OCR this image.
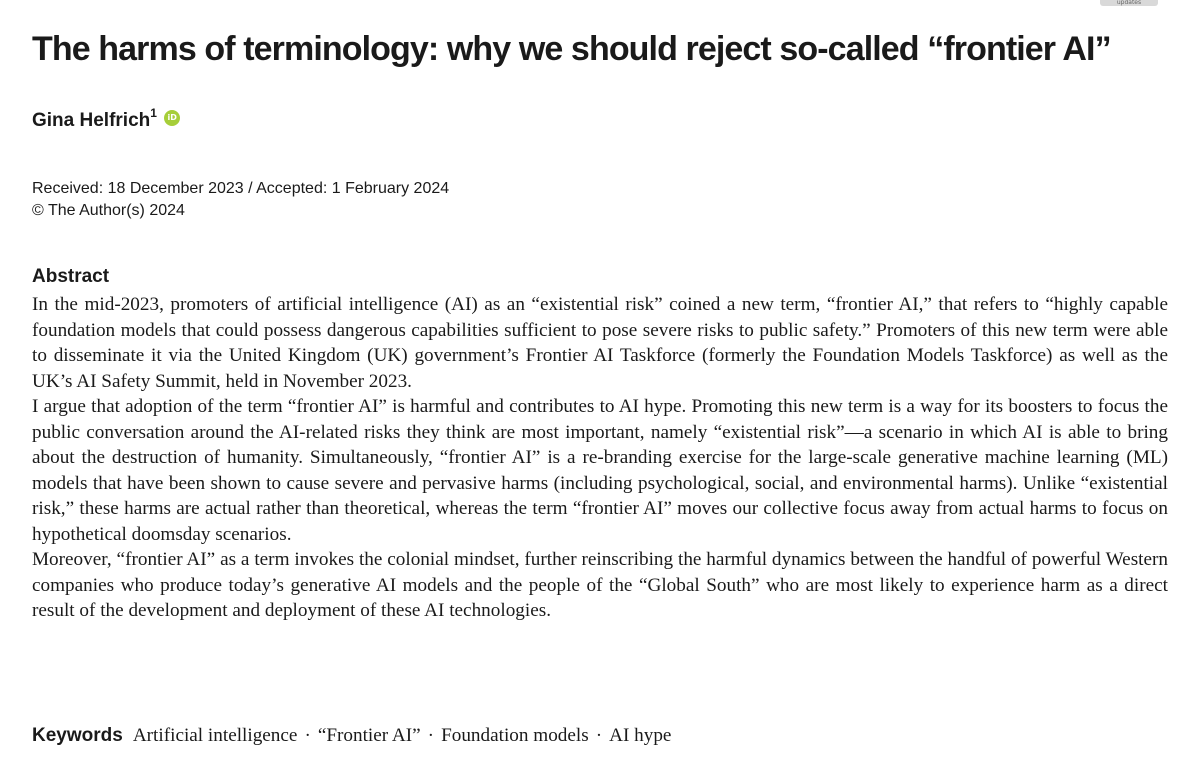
updates
The harms of terminology: why we should reject so-called “frontier AI”
Gina Helfrich$^1$ iD
Received: 18 December 2023 / Accepted: 1 February 2024
© The Author(s) 2024
Abstract

In the mid-2023, promoters of artificial intelligence (AI) as an “existential risk” coined a new term, “frontier AI,” that refers to “highly capable foundation models that could possess dangerous capabilities sufficient to pose severe risks to public safety.” Promoters of this new term were able to disseminate it via the United Kingdom (UK) government’s Frontier AI Taskforce (formerly the Foundation Models Taskforce) as well as the UK’s AI Safety Summit, held in November 2023.

I argue that adoption of the term “frontier AI” is harmful and contributes to AI hype. Promoting this new term is a way for its boosters to focus the public conversation around the AI-related risks they think are most important, namely “existential risk”—a scenario in which AI is able to bring about the destruction of humanity. Simultaneously, “frontier AI” is a re-branding exercise for the large-scale generative machine learning (ML) models that have been shown to cause severe and pervasive harms (including psychological, social, and environmental harms). Unlike “existential risk,” these harms are actual rather than theoretical, whereas the term “frontier AI” moves our collective focus away from actual harms to focus on hypothetical doomsday scenarios.

Moreover, “frontier AI” as a term invokes the colonial mindset, further reinscribing the harmful dynamics between the handful of powerful Western companies who produce today’s generative AI models and the people of the “Global South” who are most likely to experience harm as a direct result of the development and deployment of these AI technologies.

Keywords Artificial intelligence · “Frontier AI” · Foundation models · AI hype
